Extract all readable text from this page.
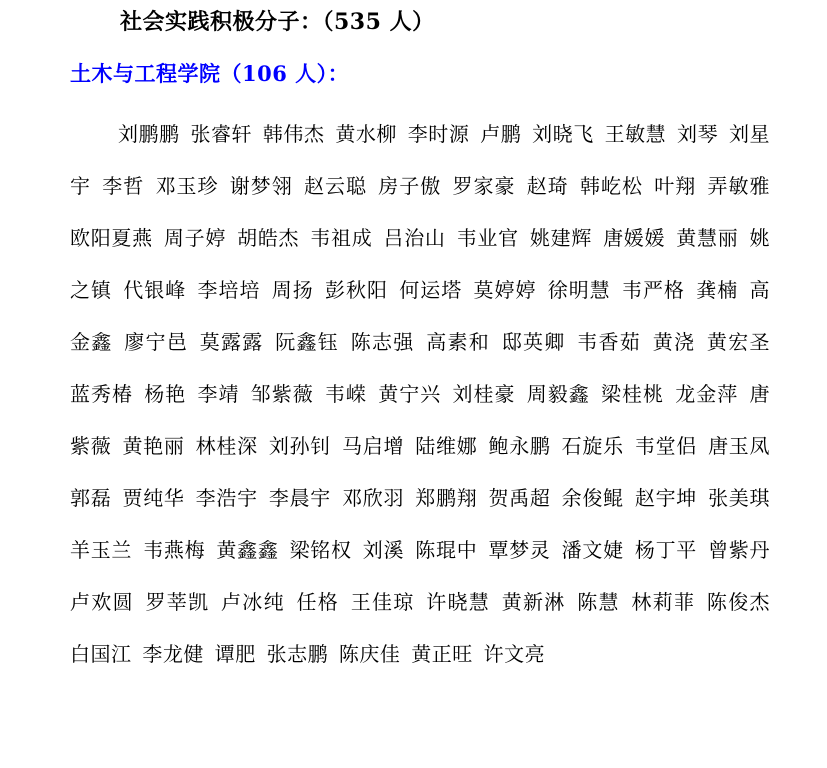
社会实践积极分子：（535 人）
土木与工程学院（106 人）：

刘鹏鹏 张睿轩 韩伟杰 黄水柳 李时源 卢鹏 刘晓飞 王敏慧 刘琴 刘星宇 李哲 邓玉珍 谢梦翎 赵云聪 房子傲 罗家豪 赵琦 韩屹松 叶翔 弄敏雅 欧阳夏燕 周子婷 胡皓杰 韦祖成 吕治山 韦业官 姚建辉 唐媛媛 黄慧丽 姚之镇 代银峰 李培培 周扬 彭秋阳 何运塔 莫婷婷 徐明慧 韦严格 龚楠 高金鑫 廖宁邑 莫露露 阮鑫钰 陈志强 高素和 邸英卿 韦香茹 黄浇 黄宏圣 蓝秀椿 杨艳 李靖 邹紫薇 韦嵘 黄宁兴 刘桂豪 周毅鑫 梁桂桃 龙金萍 唐紫薇 黄艳丽 林桂深 刘孙钊 马启增 陆维娜 鲍永鹏 石旋乐 韦堂侣 唐玉凤 郭磊 贾纯华 李浩宇 李晨宇 邓欣羽 郑鹏翔 贺禹超 余俊鲲 赵宇坤 张美琪 羊玉兰 韦燕梅 黄鑫鑫 梁铭权 刘溪 陈琨中 覃梦灵 潘文婕 杨丁平 曾紫丹 卢欢圆 罗莘凯 卢冰纯 任格 王佳琼 许晓慧 黄新淋 陈慧 林莉菲 陈俊杰 白国江 李龙健 谭肥 张志鹏 陈庆佳 黄正旺 许文亮
